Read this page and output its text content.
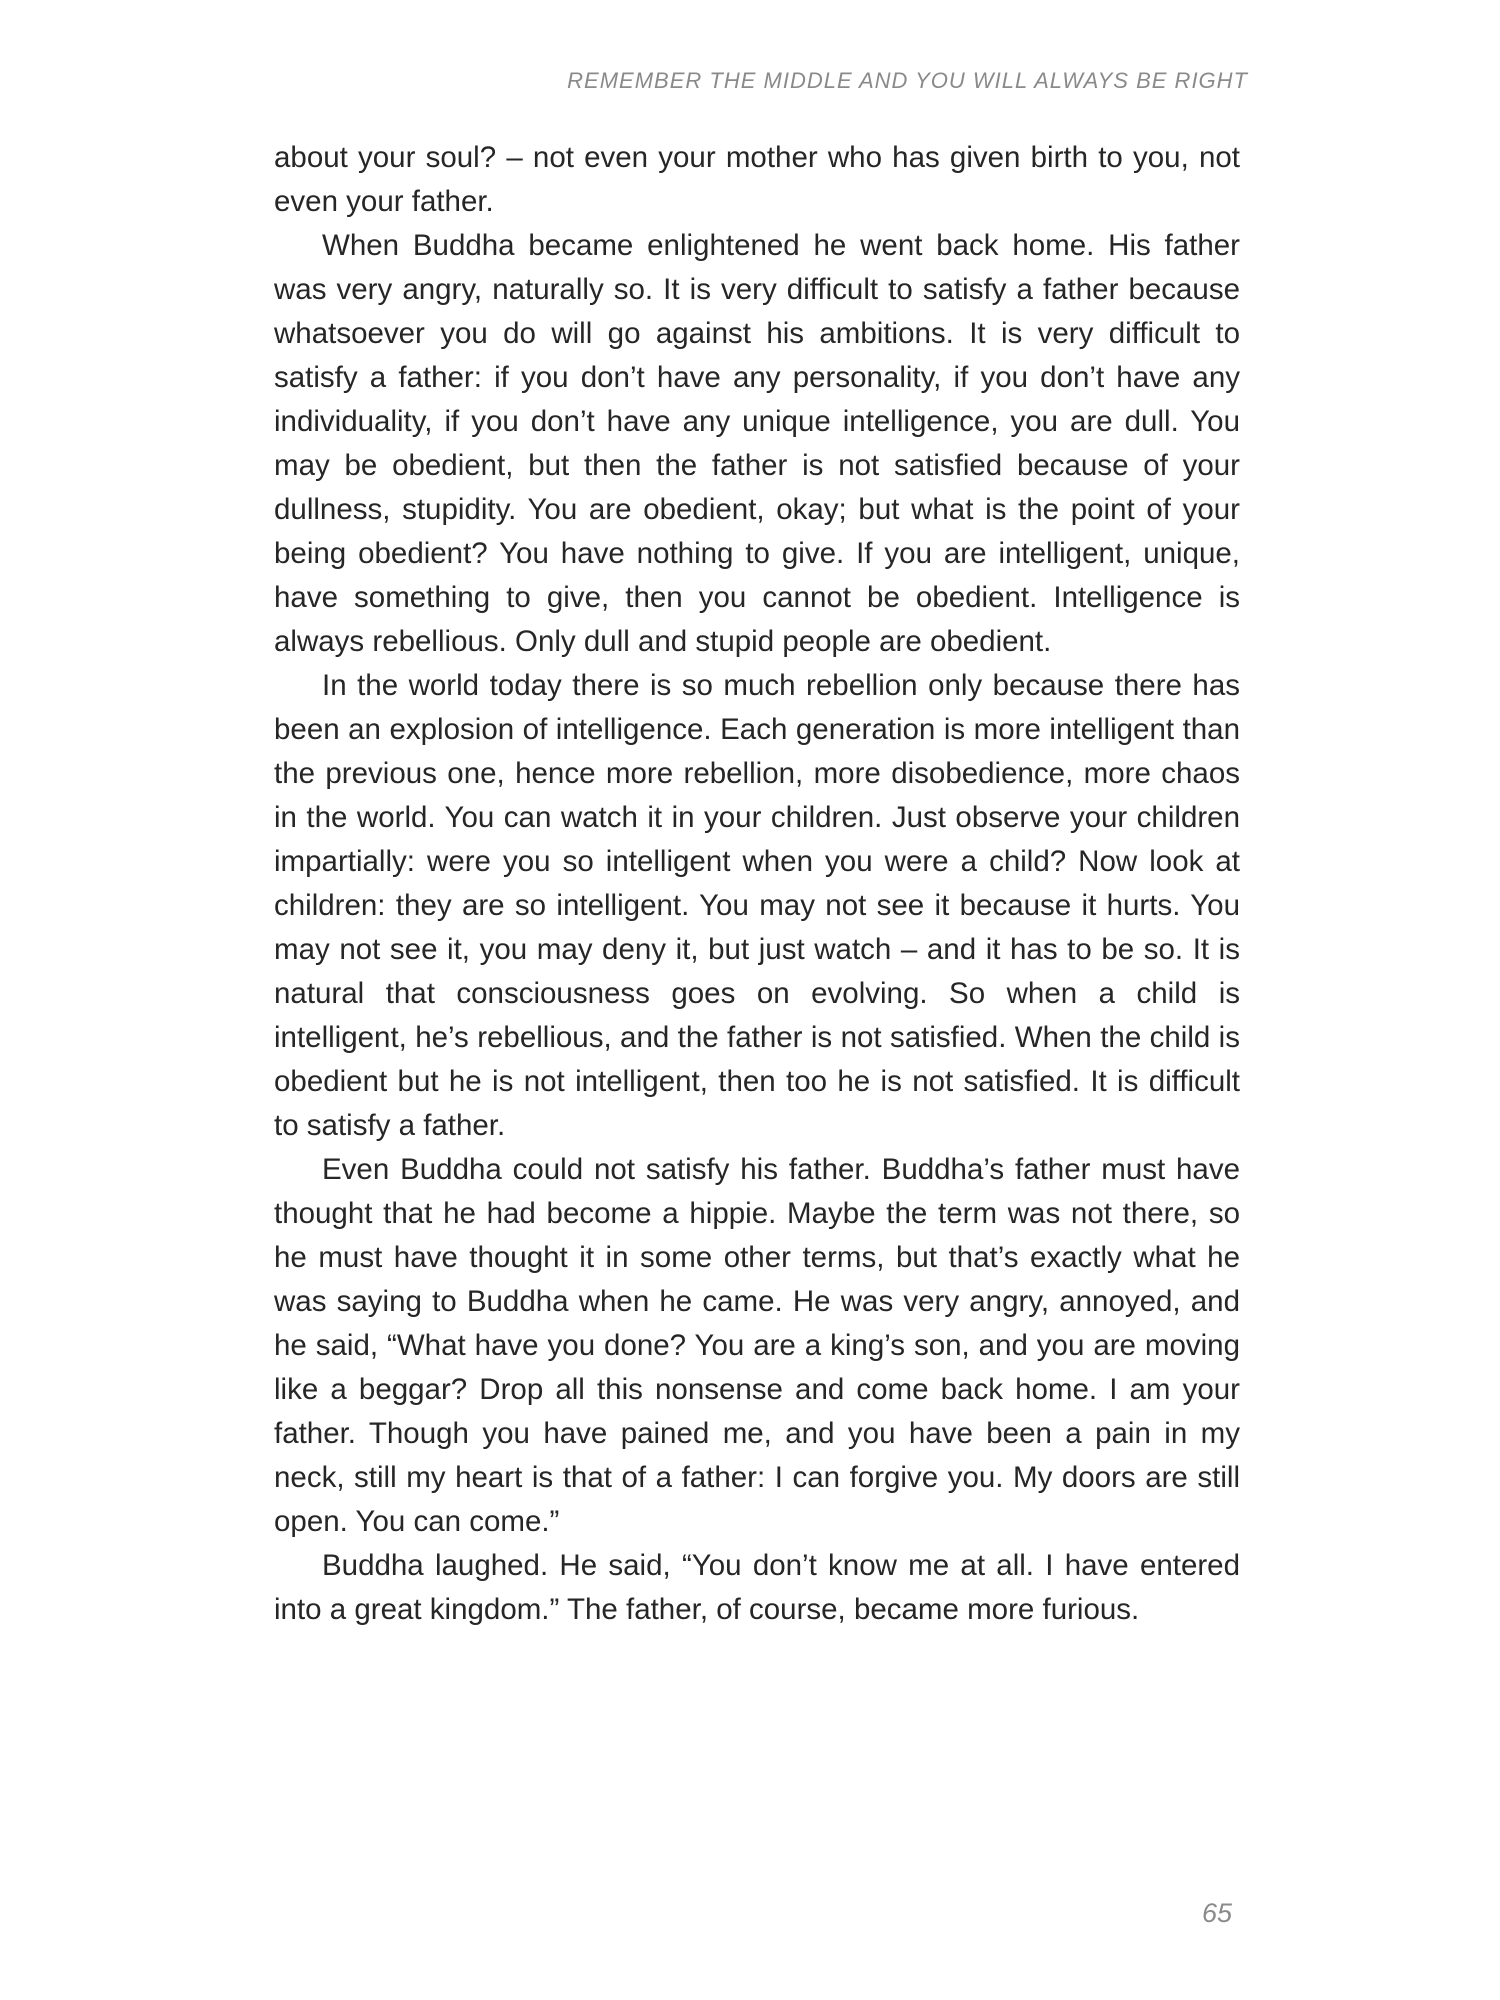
REMEMBER THE MIDDLE AND YOU WILL ALWAYS BE RIGHT

about your soul? – not even your mother who has given birth to you, not even your father.

When Buddha became enlightened he went back home. His father was very angry, naturally so. It is very difficult to satisfy a father because whatsoever you do will go against his ambitions. It is very difficult to satisfy a father: if you don’t have any personality, if you don’t have any individuality, if you don’t have any unique intelligence, you are dull. You may be obedient, but then the father is not satisfied because of your dullness, stupidity. You are obedient, okay; but what is the point of your being obedient? You have nothing to give. If you are intelligent, unique, have something to give, then you cannot be obedient. Intelligence is always rebellious. Only dull and stupid people are obedient.

In the world today there is so much rebellion only because there has been an explosion of intelligence. Each generation is more intelligent than the previous one, hence more rebellion, more disobedience, more chaos in the world. You can watch it in your children. Just observe your children impartially: were you so intelligent when you were a child? Now look at children: they are so intelligent. You may not see it because it hurts. You may not see it, you may deny it, but just watch – and it has to be so. It is natural that consciousness goes on evolving. So when a child is intelligent, he’s rebellious, and the father is not satisfied. When the child is obedient but he is not intelligent, then too he is not satisfied. It is difficult to satisfy a father.

Even Buddha could not satisfy his father. Buddha’s father must have thought that he had become a hippie. Maybe the term was not there, so he must have thought it in some other terms, but that’s exactly what he was saying to Buddha when he came. He was very angry, annoyed, and he said, “What have you done? You are a king’s son, and you are moving like a beggar? Drop all this nonsense and come back home. I am your father. Though you have pained me, and you have been a pain in my neck, still my heart is that of a father: I can forgive you. My doors are still open. You can come.”

Buddha laughed. He said, “You don’t know me at all. I have entered into a great kingdom.” The father, of course, became more furious.

65
